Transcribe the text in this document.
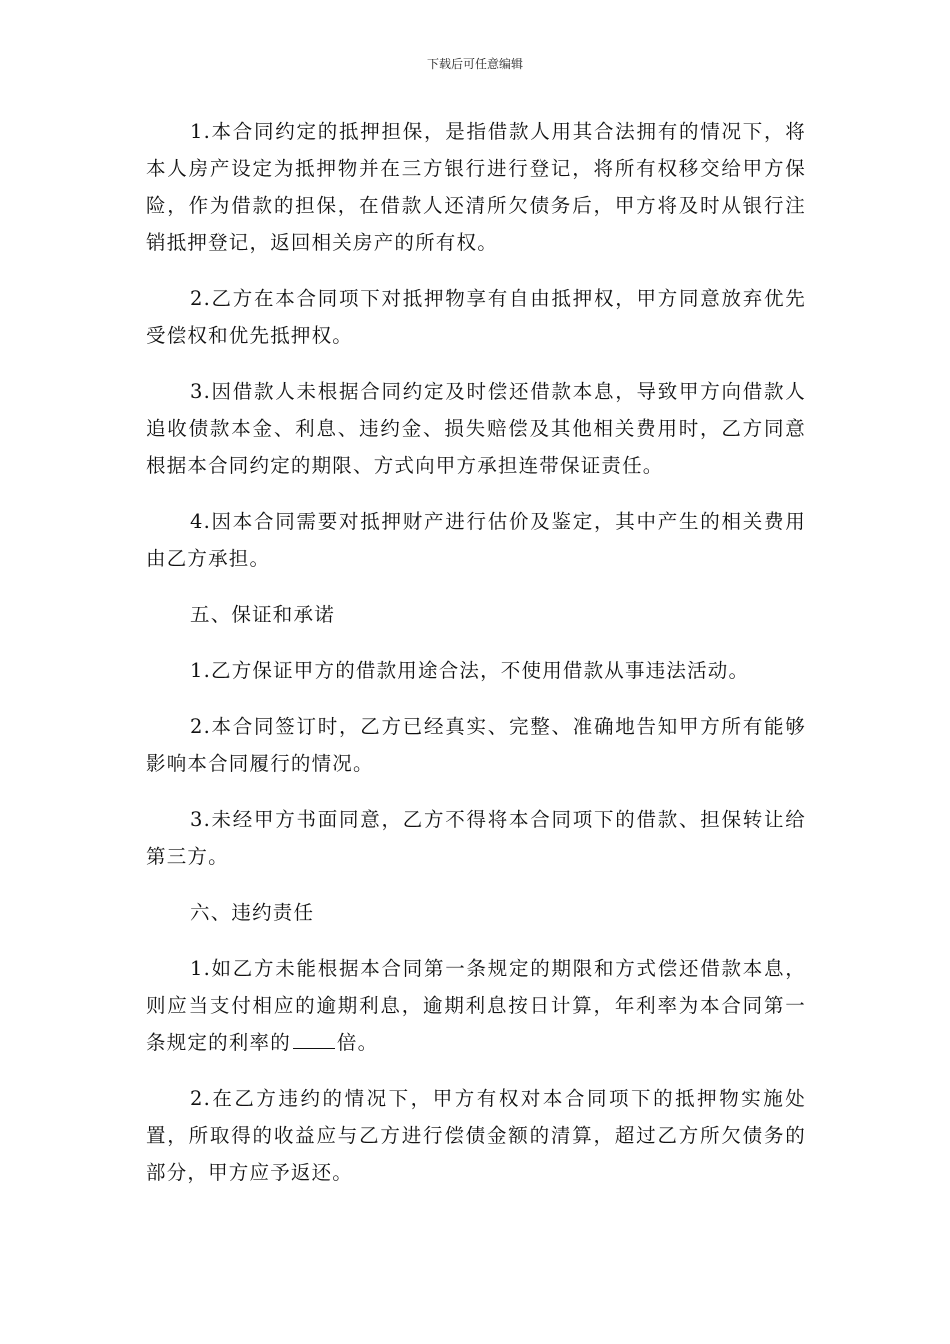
下载后可任意编辑

1.本合同约定的抵押担保，是指借款人用其合法拥有的情况下，将本人房产设定为抵押物并在三方银行进行登记，将所有权移交给甲方保险，作为借款的担保，在借款人还清所欠债务后，甲方将及时从银行注销抵押登记，返回相关房产的所有权。

2.乙方在本合同项下对抵押物享有自由抵押权，甲方同意放弃优先受偿权和优先抵押权。

3.因借款人未根据合同约定及时偿还借款本息，导致甲方向借款人追收债款本金、利息、违约金、损失赔偿及其他相关费用时，乙方同意根据本合同约定的期限、方式向甲方承担连带保证责任。

4.因本合同需要对抵押财产进行估价及鉴定，其中产生的相关费用由乙方承担。

五、保证和承诺

1.乙方保证甲方的借款用途合法，不使用借款从事违法活动。

2.本合同签订时，乙方已经真实、完整、准确地告知甲方所有能够影响本合同履行的情况。

3.未经甲方书面同意，乙方不得将本合同项下的借款、担保转让给第三方。

六、违约责任

1.如乙方未能根据本合同第一条规定的期限和方式偿还借款本息，则应当支付相应的逾期利息，逾期利息按日计算，年利率为本合同第一条规定的利率的 倍。

2.在乙方违约的情况下，甲方有权对本合同项下的抵押物实施处置，所取得的收益应与乙方进行偿债金额的清算，超过乙方所欠债务的部分，甲方应予返还。
